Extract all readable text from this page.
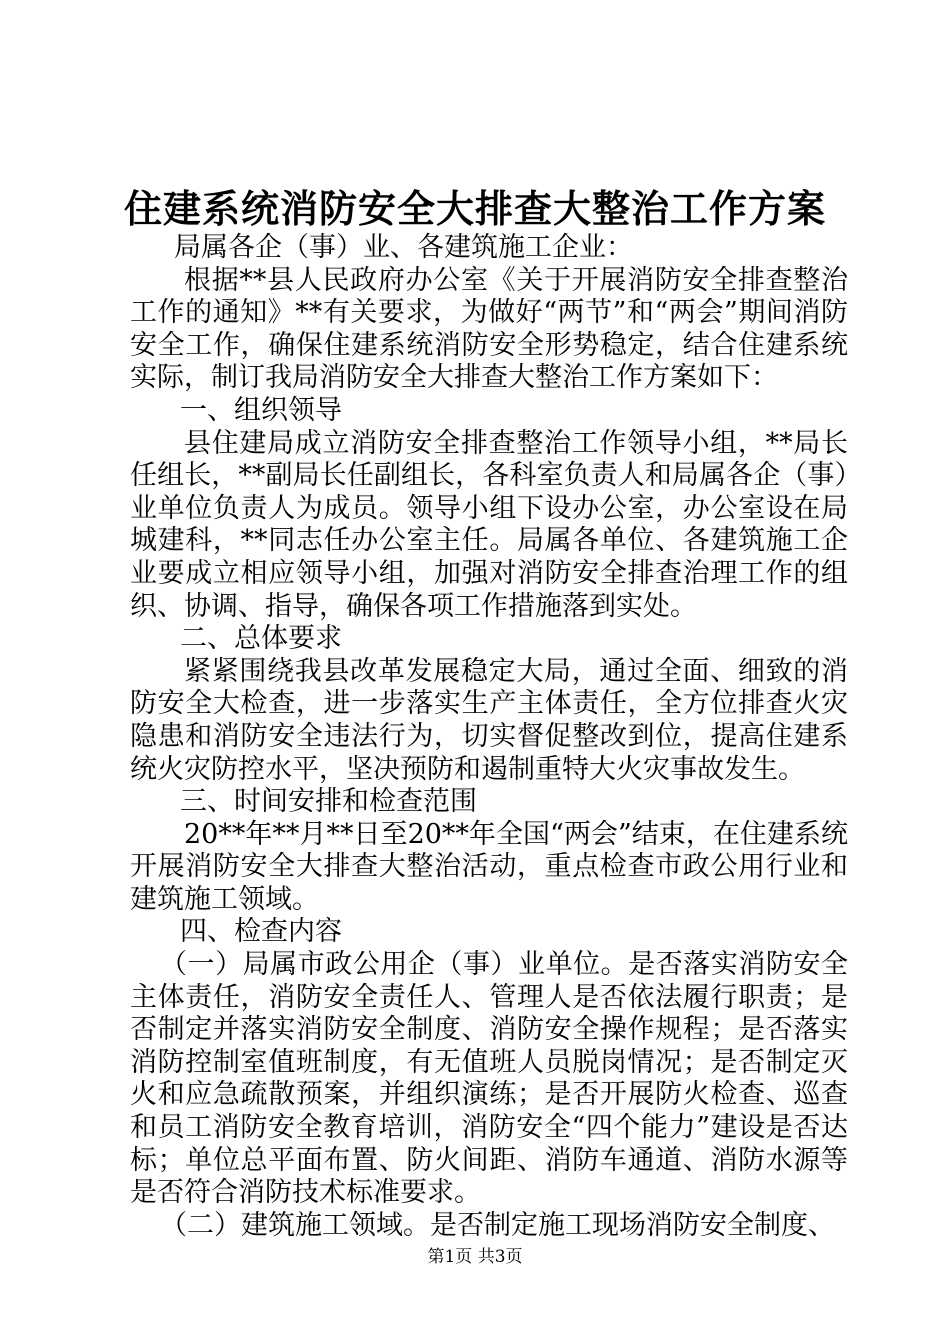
住建系统消防安全大排查大整治工作方案

局属各企（事）业、各建筑施工企业：

根据**县人民政府办公室《关于开展消防安全排查整治工作的通知》**有关要求，为做好“两节”和“两会”期间消防安全工作，确保住建系统消防安全形势稳定，结合住建系统实际，制订我局消防安全大排查大整治工作方案如下：

一、组织领导

县住建局成立消防安全排查整治工作领导小组，**局长任组长，**副局长任副组长，各科室负责人和局属各企（事）业单位负责人为成员。领导小组下设办公室，办公室设在局城建科，**同志任办公室主任。局属各单位、各建筑施工企业要成立相应领导小组，加强对消防安全排查治理工作的组织、协调、指导，确保各项工作措施落到实处。

二、总体要求

紧紧围绕我县改革发展稳定大局，通过全面、细致的消防安全大检查，进一步落实生产主体责任，全方位排查火灾隐患和消防安全违法行为，切实督促整改到位，提高住建系统火灾防控水平，坚决预防和遏制重特大火灾事故发生。

三、时间安排和检查范围

20**年**月**日至20**年全国“两会”结束，在住建系统开展消防安全大排查大整治活动，重点检查市政公用行业和建筑施工领域。

四、检查内容

（一）局属市政公用企（事）业单位。是否落实消防安全主体责任，消防安全责任人、管理人是否依法履行职责；是否制定并落实消防安全制度、消防安全操作规程；是否落实消防控制室值班制度，有无值班人员脱岗情况；是否制定灭火和应急疏散预案，并组织演练；是否开展防火检查、巡查和员工消防安全教育培训，消防安全“四个能力”建设是否达标；单位总平面布置、防火间距、消防车通道、消防水源等是否符合消防技术标准要求。

（二）建筑施工领域。是否制定施工现场消防安全制度、

第1页 共3页
